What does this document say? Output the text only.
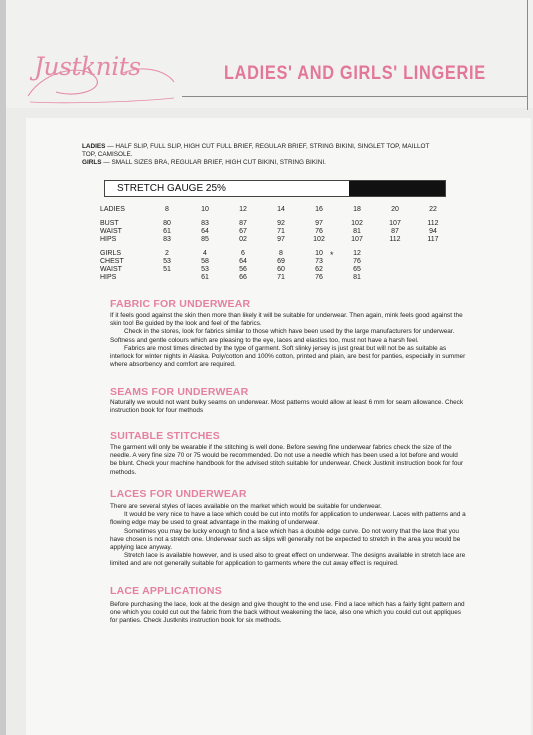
Justknits	LADIES' AND GIRLS' LINGERIE
LADIES — HALF SLIP, FULL SLIP, HIGH CUT FULL BRIEF, REGULAR BRIEF, STRING BIKINI, SINGLET TOP, MAILLOT TOP, CAMISOLE.
GIRLS — SMALL SIZES BRA, REGULAR BRIEF, HIGH CUT BIKINI, STRING BIKINI.
STRETCH GAUGE 25%
LADIES	8	10	12	14	16	18	20	22

BUST	80	83	87	92	97	102	107	112
WAIST	61	64	67	71	76	81	87	94
HIPS	83	85	02	97	102	107	112	117

GIRLS	2	4	6	8	10	12		
CHEST	53	58	64	69	73	76		
WAIST	51	53	56	60	62	65		
HIPS		61	66	71	76	81		
FABRIC FOR UNDERWEAR

If it feels good against the skin then more than likely it will be suitable for underwear. Then again, mink feels good against the skin too! Be guided by the look and feel of the fabrics.

Check in the stores, look for fabrics similar to those which have been used by the large manufacturers for underwear. Softness and gentle colours which are pleasing to the eye, laces and elastics too, must not have a harsh feel.

Fabrics are most times directed by the type of garment. Soft slinky jersey is just great but will not be as suitable as interlock for winter nights in Alaska. Poly/cotton and 100% cotton, printed and plain, are best for panties, especially in summer where absorbency and comfort are required.

SEAMS FOR UNDERWEAR

Naturally we would not want bulky seams on underwear. Most patterns would allow at least 6 mm for seam allowance. Check instruction book for four methods

SUITABLE STITCHES

The garment will only be wearable if the stitching is well done. Before sewing fine underwear fabrics check the size of the needle. A very fine size 70 or 75 would be recommended. Do not use a needle which has been used a lot before and would be blunt. Check your machine handbook for the advised stitch suitable for underwear. Check Justknit instruction book for four methods.

LACES FOR UNDERWEAR

There are several styles of laces available on the market which would be suitable for underwear.

It would be very nice to have a lace which could be cut into motifs for application to underwear. Laces with patterns and a flowing edge may be used to great advantage in the making of underwear.

Sometimes you may be lucky enough to find a lace which has a double edge curve. Do not worry that the lace that you have chosen is not a stretch one. Underwear such as slips will generally not be expected to stretch in the area you would be applying lace anyway.

Stretch lace is available however, and is used also to great effect on underwear. The designs available in stretch lace are limited and are not generally suitable for application to garments where the cut away effect is required.

LACE APPLICATIONS

Before purchasing the lace, look at the design and give thought to the end use. Find a lace which has a fairly tight pattern and one which you could cut out the fabric from the back without weakening the lace, also one which you could cut out appliques for panties. Check Justknits instruction book for six methods.

*
